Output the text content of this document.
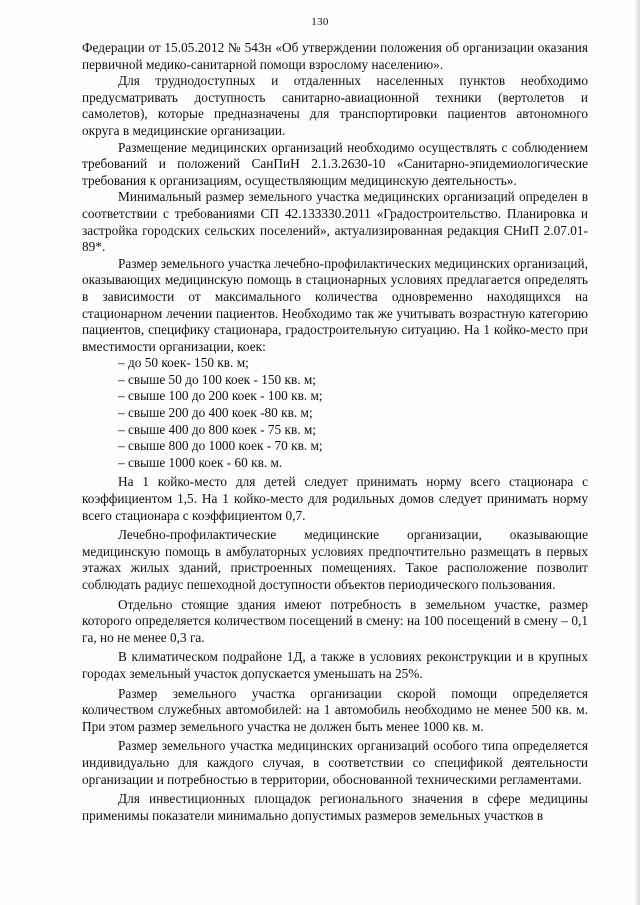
130

Федерации от 15.05.2012 № 543н «Об утверждении положения об организации оказания первичной медико-санитарной помощи взрослому населению».

Для труднодоступных и отдаленных населенных пунктов необходимо предусматривать доступность санитарно-авиационной техники (вертолетов и самолетов), которые предназначены для транспортировки пациентов автономного округа в медицинские организации.

Размещение медицинских организаций необходимо осуществлять с соблюдением требований и положений СанПиН 2.1.3.2630-10 «Санитарно-эпидемиологические требования к организациям, осуществляющим медицинскую деятельность».

Минимальный размер земельного участка медицинских организаций определен в соответствии с требованиями СП 42.133330.2011 «Градостроительство. Планировка и застройка городских сельских поселений», актуализированная редакция СНиП 2.07.01-89*.

Размер земельного участка лечебно-профилактических медицинских организаций, оказывающих медицинскую помощь в стационарных условиях предлагается определять в зависимости от максимального количества одновременно находящихся на стационарном лечении пациентов. Необходимо так же учитывать возрастную категорию пациентов, специфику стационара, градостроительную ситуацию. На 1 койко-место при вместимости организации, коек:

– до 50 коек- 150 кв. м;
– свыше 50 до 100 коек - 150 кв. м;
– свыше 100 до 200 коек - 100 кв. м;
– свыше 200 до 400 коек -80 кв. м;
– свыше 400 до 800 коек - 75 кв. м;
– свыше 800 до 1000 коек - 70 кв. м;
– свыше 1000 коек - 60 кв. м.

На 1 койко-место для детей следует принимать норму всего стационара с коэффициентом 1,5. На 1 койко-место для родильных домов следует принимать норму всего стационара с коэффициентом 0,7.

Лечебно-профилактические медицинские организации, оказывающие медицинскую помощь в амбулаторных условиях предпочтительно размещать в первых этажах жилых зданий, пристроенных помещениях. Такое расположение позволит соблюдать радиус пешеходной доступности объектов периодического пользования.

Отдельно стоящие здания имеют потребность в земельном участке, размер которого определяется количеством посещений в смену: на 100 посещений в смену – 0,1 га, но не менее 0,3 га.

В климатическом подрайоне 1Д, а также в условиях реконструкции и в крупных городах земельный участок допускается уменьшать на 25%.

Размер земельного участка организации скорой помощи определяется количеством служебных автомобилей: на 1 автомобиль необходимо не менее 500 кв. м. При этом размер земельного участка не должен быть менее 1000 кв. м.

Размер земельного участка медицинских организаций особого типа определяется индивидуально для каждого случая, в соответствии со спецификой деятельности организации и потребностью в территории, обоснованной техническими регламентами.

Для инвестиционных площадок регионального значения в сфере медицины применимы показатели минимально допустимых размеров земельных участков в
